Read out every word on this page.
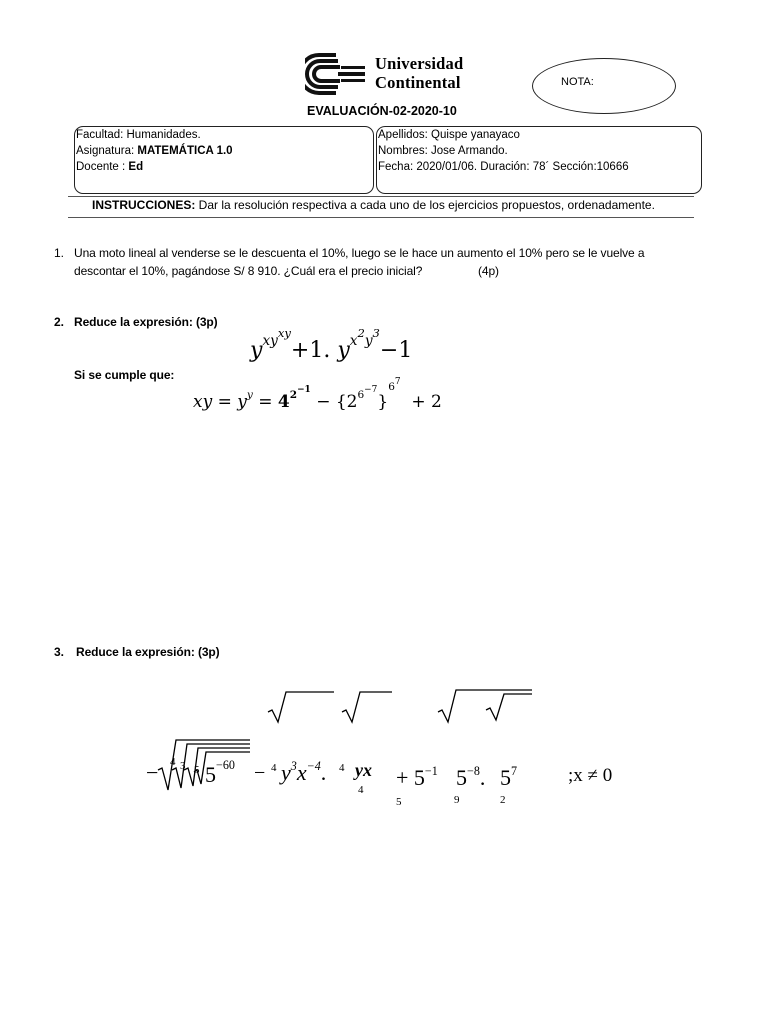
Universidad
Continental	NOTA:
EVALUACIÓN-02-2020-10
Facultad: Humanidades.
Asignatura: MATEMÁTICA 1.0
Docente : Ed
Apellidos: Quispe yanayaco
Nombres: Jose Armando.
Fecha: 2020/01/06. Duración: 78´ Sección:10666
INSTRUCCIONES: Dar la resolución respectiva a cada uno de los ejercicios propuestos, ordenadamente.
1. Una moto lineal al venderse se le descuenta el 10%, luego se le hace un aumento el 10% pero se le vuelve a
descontar el 10%, pagándose S/ 8 910. ¿Cuál era el precio inicial?	(4p)
2. Reduce la expresión: (3p)
$y^{xy^{xy}}+1$. $y^{x^2y^3}-1$
Si se cumple que:
xy = $y^y = 4^{2^{-1}} - \{2^{6^{-7}}\}^{6^7} + 2$
3. Reduce la expresión: (3p)
− 4 3 5 $5^{-60} - 4$ $y^3x^{-4}$. 4 yx
$4 + 5^{-1}$
5
$5^{-8}$.
9
$5^7$
2
;x ≠ 0
